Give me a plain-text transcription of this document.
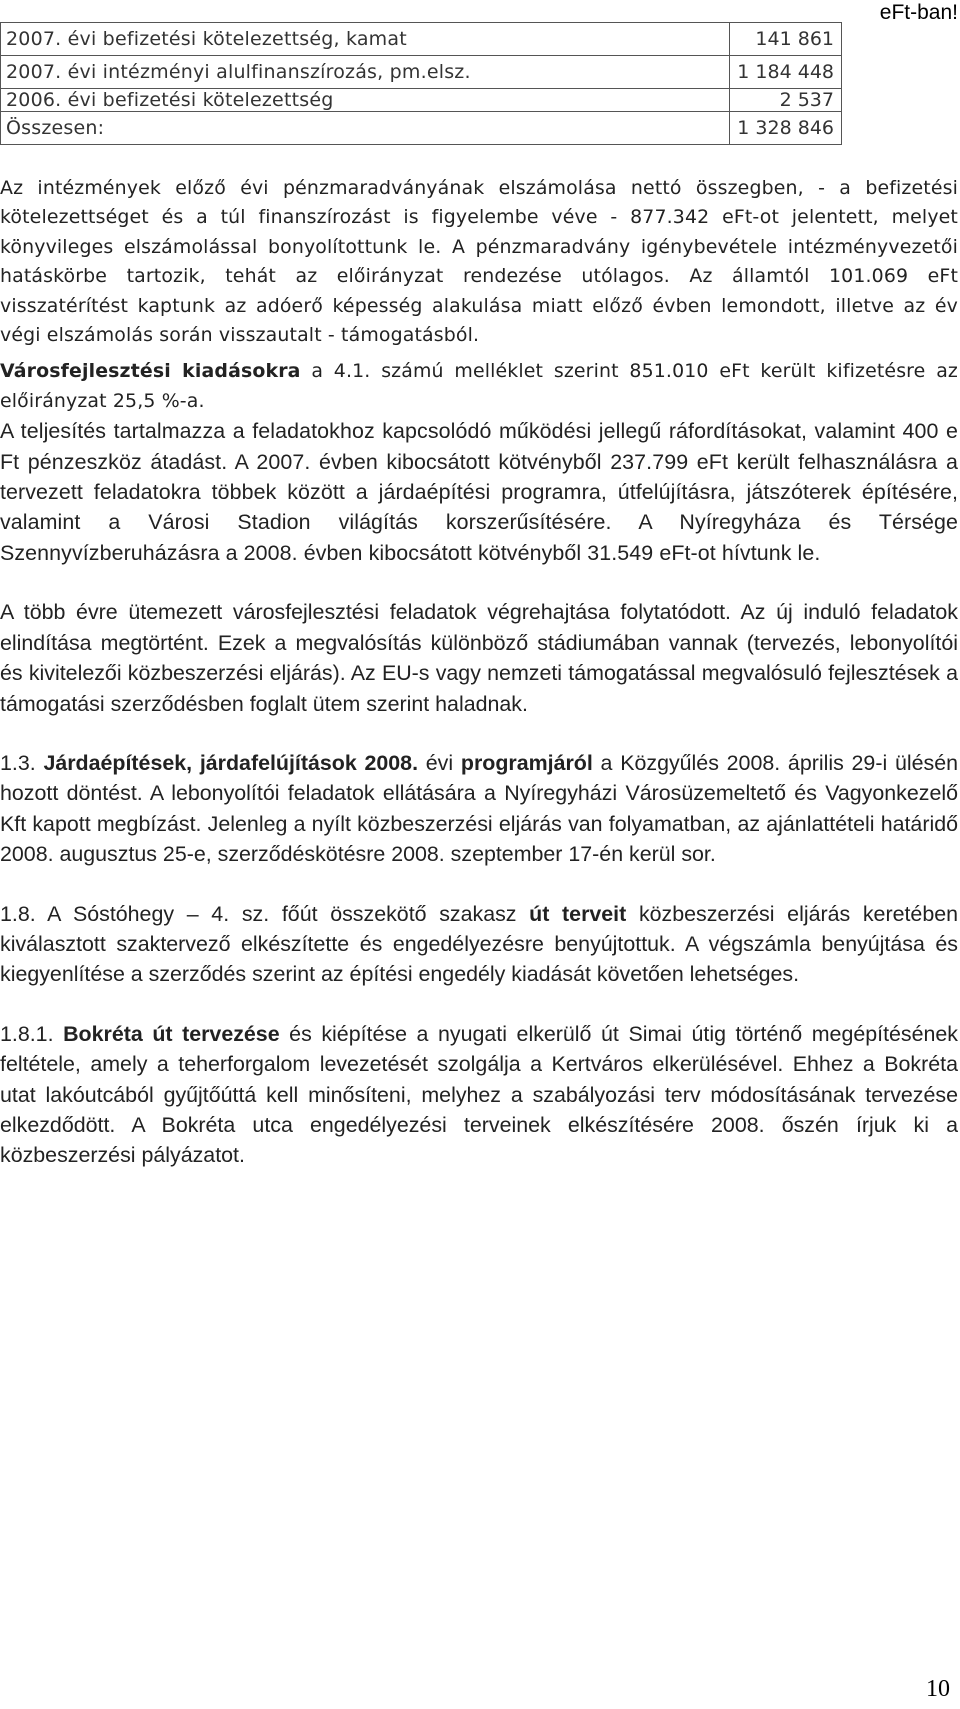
eFt-ban!
2007. évi befizetési kötelezettség, kamat	141 861
2007. évi intézményi alulfinanszírozás, pm.elsz.	1 184 448

2006. évi befizetési kötelezettség	2 537

Összesen:	1 328 846

Az intézmények előző évi pénzmaradványának elszámolása nettó összegben, - a befizetési kötelezettséget és a túl finanszírozást is figyelembe véve - 877.342 eFt-ot jelentett, melyet könyvileges elszámolással bonyolítottunk le. A pénzmaradvány igénybevétele intézményvezetői hatáskörbe tartozik, tehát az előirányzat rendezése utólagos. Az államtól 101.069 eFt visszatérítést kaptunk az adóerő képesség alakulása miatt előző évben lemondott, illetve az év végi elszámolás során visszautalt - támogatásból.

Városfejlesztési kiadásokra a 4.1. számú melléklet szerint 851.010 eFt került kifizetésre az előirányzat 25,5 %-a.

A teljesítés tartalmazza a feladatokhoz kapcsolódó működési jellegű ráfordításokat, valamint 400 e Ft pénzeszköz átadást. A 2007. évben kibocsátott kötvényből 237.799 eFt került felhasználásra a tervezett feladatokra többek között a járdaépítési programra, útfelújításra, játszóterek építésére, valamint a Városi Stadion világítás korszerűsítésére. A Nyíregyháza és Térsége Szennyvízberuházásra a 2008. évben kibocsátott kötvényből 31.549 eFt-ot hívtunk le.

A több évre ütemezett városfejlesztési feladatok végrehajtása folytatódott. Az új induló feladatok elindítása megtörtént. Ezek a megvalósítás különböző stádiumában vannak (tervezés, lebonyolítói és kivitelezői közbeszerzési eljárás). Az EU-s vagy nemzeti támogatással megvalósuló fejlesztések a támogatási szerződésben foglalt ütem szerint haladnak.

1.3. Járdaépítések, járdafelújítások 2008. évi programjáról a Közgyűlés 2008. április 29-i ülésén hozott döntést. A lebonyolítói feladatok ellátására a Nyíregyházi Városüzemeltető és Vagyonkezelő Kft kapott megbízást. Jelenleg a nyílt közbeszerzési eljárás van folyamatban, az ajánlattételi határidő 2008. augusztus 25-e, szerződéskötésre 2008. szeptember 17-én kerül sor.

1.8. A Sóstóhegy – 4. sz. főút összekötő szakasz út terveit közbeszerzési eljárás keretében kiválasztott szaktervező elkészítette és engedélyezésre benyújtottuk. A végszámla benyújtása és kiegyenlítése a szerződés szerint az építési engedély kiadását követően lehetséges.

1.8.1. Bokréta út tervezése és kiépítése a nyugati elkerülő út Simai útig történő megépítésének feltétele, amely a teherforgalom levezetését szolgálja a Kertváros elkerülésével. Ehhez a Bokréta utat lakóutcából gyűjtőúttá kell minősíteni, melyhez a szabályozási terv módosításának tervezése elkezdődött. A Bokréta utca engedélyezési terveinek elkészítésére 2008. őszén írjuk ki a közbeszerzési pályázatot.

10
